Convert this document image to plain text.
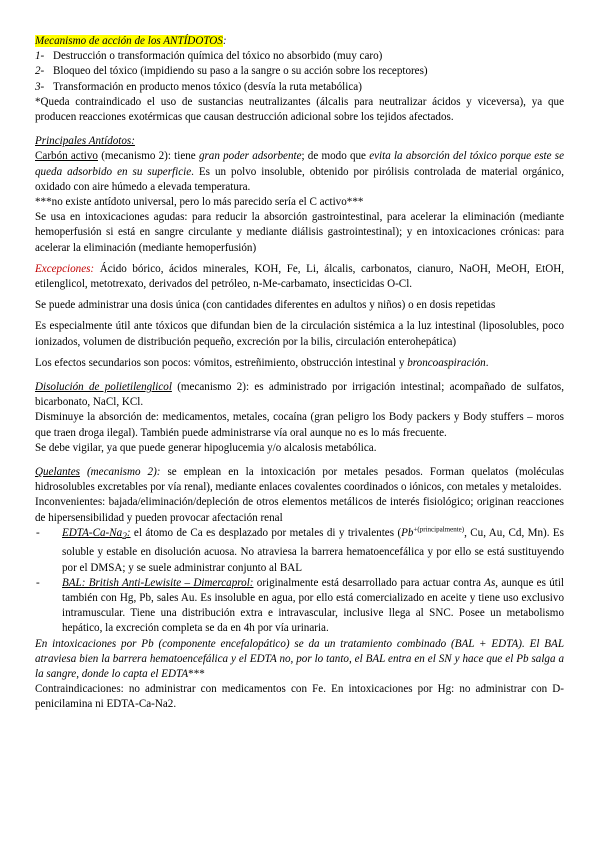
Mecanismo de acción de los ANTÍDOTOS:

1- Destrucción o transformación química del tóxico no absorbido (muy caro)
2- Bloqueo del tóxico (impidiendo su paso a la sangre o su acción sobre los receptores)
3- Transformación en producto menos tóxico (desvía la ruta metabólica)

*Queda contraindicado el uso de sustancias neutralizantes (álcalis para neutralizar ácidos y viceversa), ya que producen reacciones exotérmicas que causan destrucción adicional sobre los tejidos afectados.

Principales Antídotos:

Carbón activo (mecanismo 2): tiene gran poder adsorbente; de modo que evita la absorción del tóxico porque este se queda adsorbido en su superficie. Es un polvo insoluble, obtenido por pirólisis controlada de material orgánico, oxidado con aire húmedo a elevada temperatura.

***no existe antídoto universal, pero lo más parecido sería el C activo***

Se usa en intoxicaciones agudas: para reducir la absorción gastrointestinal, para acelerar la eliminación (mediante hemoperfusión si está en sangre circulante y mediante diálisis gastrointestinal); y en intoxicaciones crónicas: para acelerar la eliminación (mediante hemoperfusión)

Excepciones: Ácido bórico, ácidos minerales, KOH, Fe, Li, álcalis, carbonatos, cianuro, NaOH, MeOH, EtOH, etilenglicol, metotrexato, derivados del petróleo, n-Me-carbamato, insecticidas O-Cl.

Se puede administrar una dosis única (con cantidades diferentes en adultos y niños) o en dosis repetidas

Es especialmente útil ante tóxicos que difundan bien de la circulación sistémica a la luz intestinal (liposolubles, poco ionizados, volumen de distribución pequeño, excreción por la bilis, circulación enterohepática)

Los efectos secundarios son pocos: vómitos, estreñimiento, obstrucción intestinal y broncoaspiración.

Disolución de polietilenglicol (mecanismo 2): es administrado por irrigación intestinal; acompañado de sulfatos, bicarbonato, NaCl, KCl.

Disminuye la absorción de: medicamentos, metales, cocaína (gran peligro los Body packers y Body stuffers – moros que traen droga ilegal). También puede administrarse vía oral aunque no es lo más frecuente.

Se debe vigilar, ya que puede generar hipoglucemia y/o alcalosis metabólica.

Quelantes (mecanismo 2): se emplean en la intoxicación por metales pesados. Forman quelatos (moléculas hidrosolubles excretables por vía renal), mediante enlaces covalentes coordinados o iónicos, con metales y metaloides.

Inconvenientes: bajada/eliminación/depleción de otros elementos metálicos de interés fisiológico; originan reacciones de hipersensibilidad y pueden provocar afectación renal

-	EDTA-$Ca-Na_2$: el átomo de Ca es desplazado por metales di y trivalentes ($Pb^{+(principalmente)}$, Cu, Au, Cd, Mn). Es soluble y estable en disolución acuosa. No atraviesa la barrera hematoencefálica y por ello se está sustituyendo por el DMSA; y se suele administrar conjunto al BAL
-	BAL: British Anti-Lewisite – Dimercaprol: originalmente está desarrollado para actuar contra As, aunque es útil también con Hg, Pb, sales Au. Es insoluble en agua, por ello está comercializado en aceite y tiene uso exclusivo intramuscular. Tiene una distribución extra e intravascular, inclusive llega al SNC. Posee un metabolismo hepático, la excreción completa se da en 4h por vía urinaria.

En intoxicaciones por Pb (componente encefalopático) se da un tratamiento combinado (BAL + EDTA). El BAL atraviesa bien la barrera hematoencefálica y el EDTA no, por lo tanto, el BAL entra en el SN y hace que el Pb salga a la sangre, donde lo capta el EDTA***

Contraindicaciones: no administrar con medicamentos con Fe. En intoxicaciones por Hg: no administrar con D-penicilamina ni EDTA-Ca-Na2.
